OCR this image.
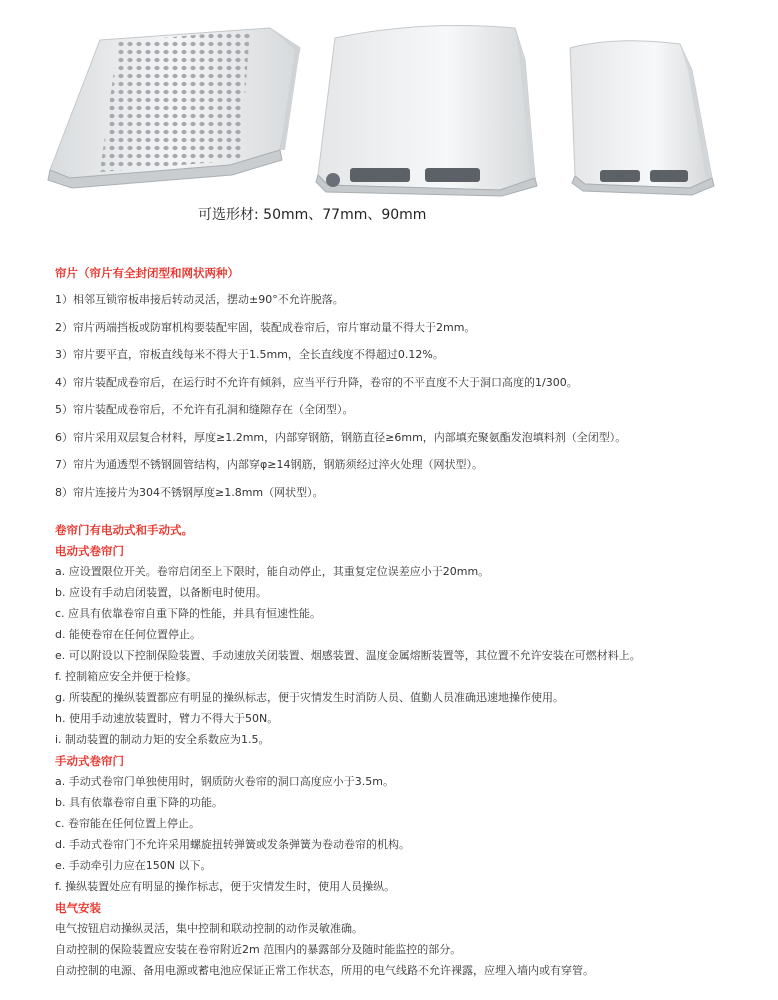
可选形材: 50mm、77mm、90mm
帘片（帘片有全封闭型和网状两种）
1）相邻互锁帘板串接后转动灵活，摆动±90°不允许脱落。
2）帘片两端挡板或防窜机构要装配牢固，装配成卷帘后，帘片窜动量不得大于2mm。
3）帘片要平直，帘板直线每米不得大于1.5mm，全长直线度不得超过0.12%。
4）帘片装配成卷帘后，在运行时不允许有倾斜，应当平行升降，卷帘的不平直度不大于洞口高度的1/300。
5）帘片装配成卷帘后，不允许有孔洞和缝隙存在（全闭型）。
6）帘片采用双层复合材料，厚度≥1.2mm，内部穿钢筋，钢筋直径≥6mm，内部填充聚氨酯发泡填料剂（全闭型）。
7）帘片为通透型不锈钢圆管结构，内部穿φ≥14钢筋，钢筋须经过淬火处理（网状型）。
8）帘片连接片为304不锈钢厚度≥1.8mm（网状型）。
卷帘门有电动式和手动式。
电动式卷帘门
a. 应设置限位开关。卷帘启闭至上下限时，能自动停止，其重复定位误差应小于20mm。
b. 应设有手动启闭装置，以备断电时使用。
c. 应具有依靠卷帘自重下降的性能，并具有恒速性能。
d. 能使卷帘在任何位置停止。
e. 可以附设以下控制保险装置、手动速放关闭装置、烟感装置、温度金属熔断装置等，其位置不允许安装在可燃材料上。
f. 控制箱应安全并便于检修。
g. 所装配的操纵装置都应有明显的操纵标志，便于灾情发生时消防人员、值勤人员准确迅速地操作使用。
h. 使用手动速放装置时，臂力不得大于50N。
i. 制动装置的制动力矩的安全系数应为1.5。
手动式卷帘门
a. 手动式卷帘门单独使用时，钢质防火卷帘的洞口高度应小于3.5m。
b. 具有依靠卷帘自重下降的功能。
c. 卷帘能在任何位置上停止。
d. 手动式卷帘门不允许采用螺旋扭转弹簧或发条弹簧为卷动卷帘的机构。
e. 手动牵引力应在150N 以下。
f. 操纵装置处应有明显的操作标志，便于灾情发生时，使用人员操纵。
电气安装
电气按钮启动操纵灵活，集中控制和联动控制的动作灵敏准确。
自动控制的保险装置应安装在卷帘附近2m 范围内的暴露部分及随时能监控的部分。
自动控制的电源、备用电源或蓄电池应保证正常工作状态，所用的电气线路不允许裸露，应埋入墙内或有穿管。
